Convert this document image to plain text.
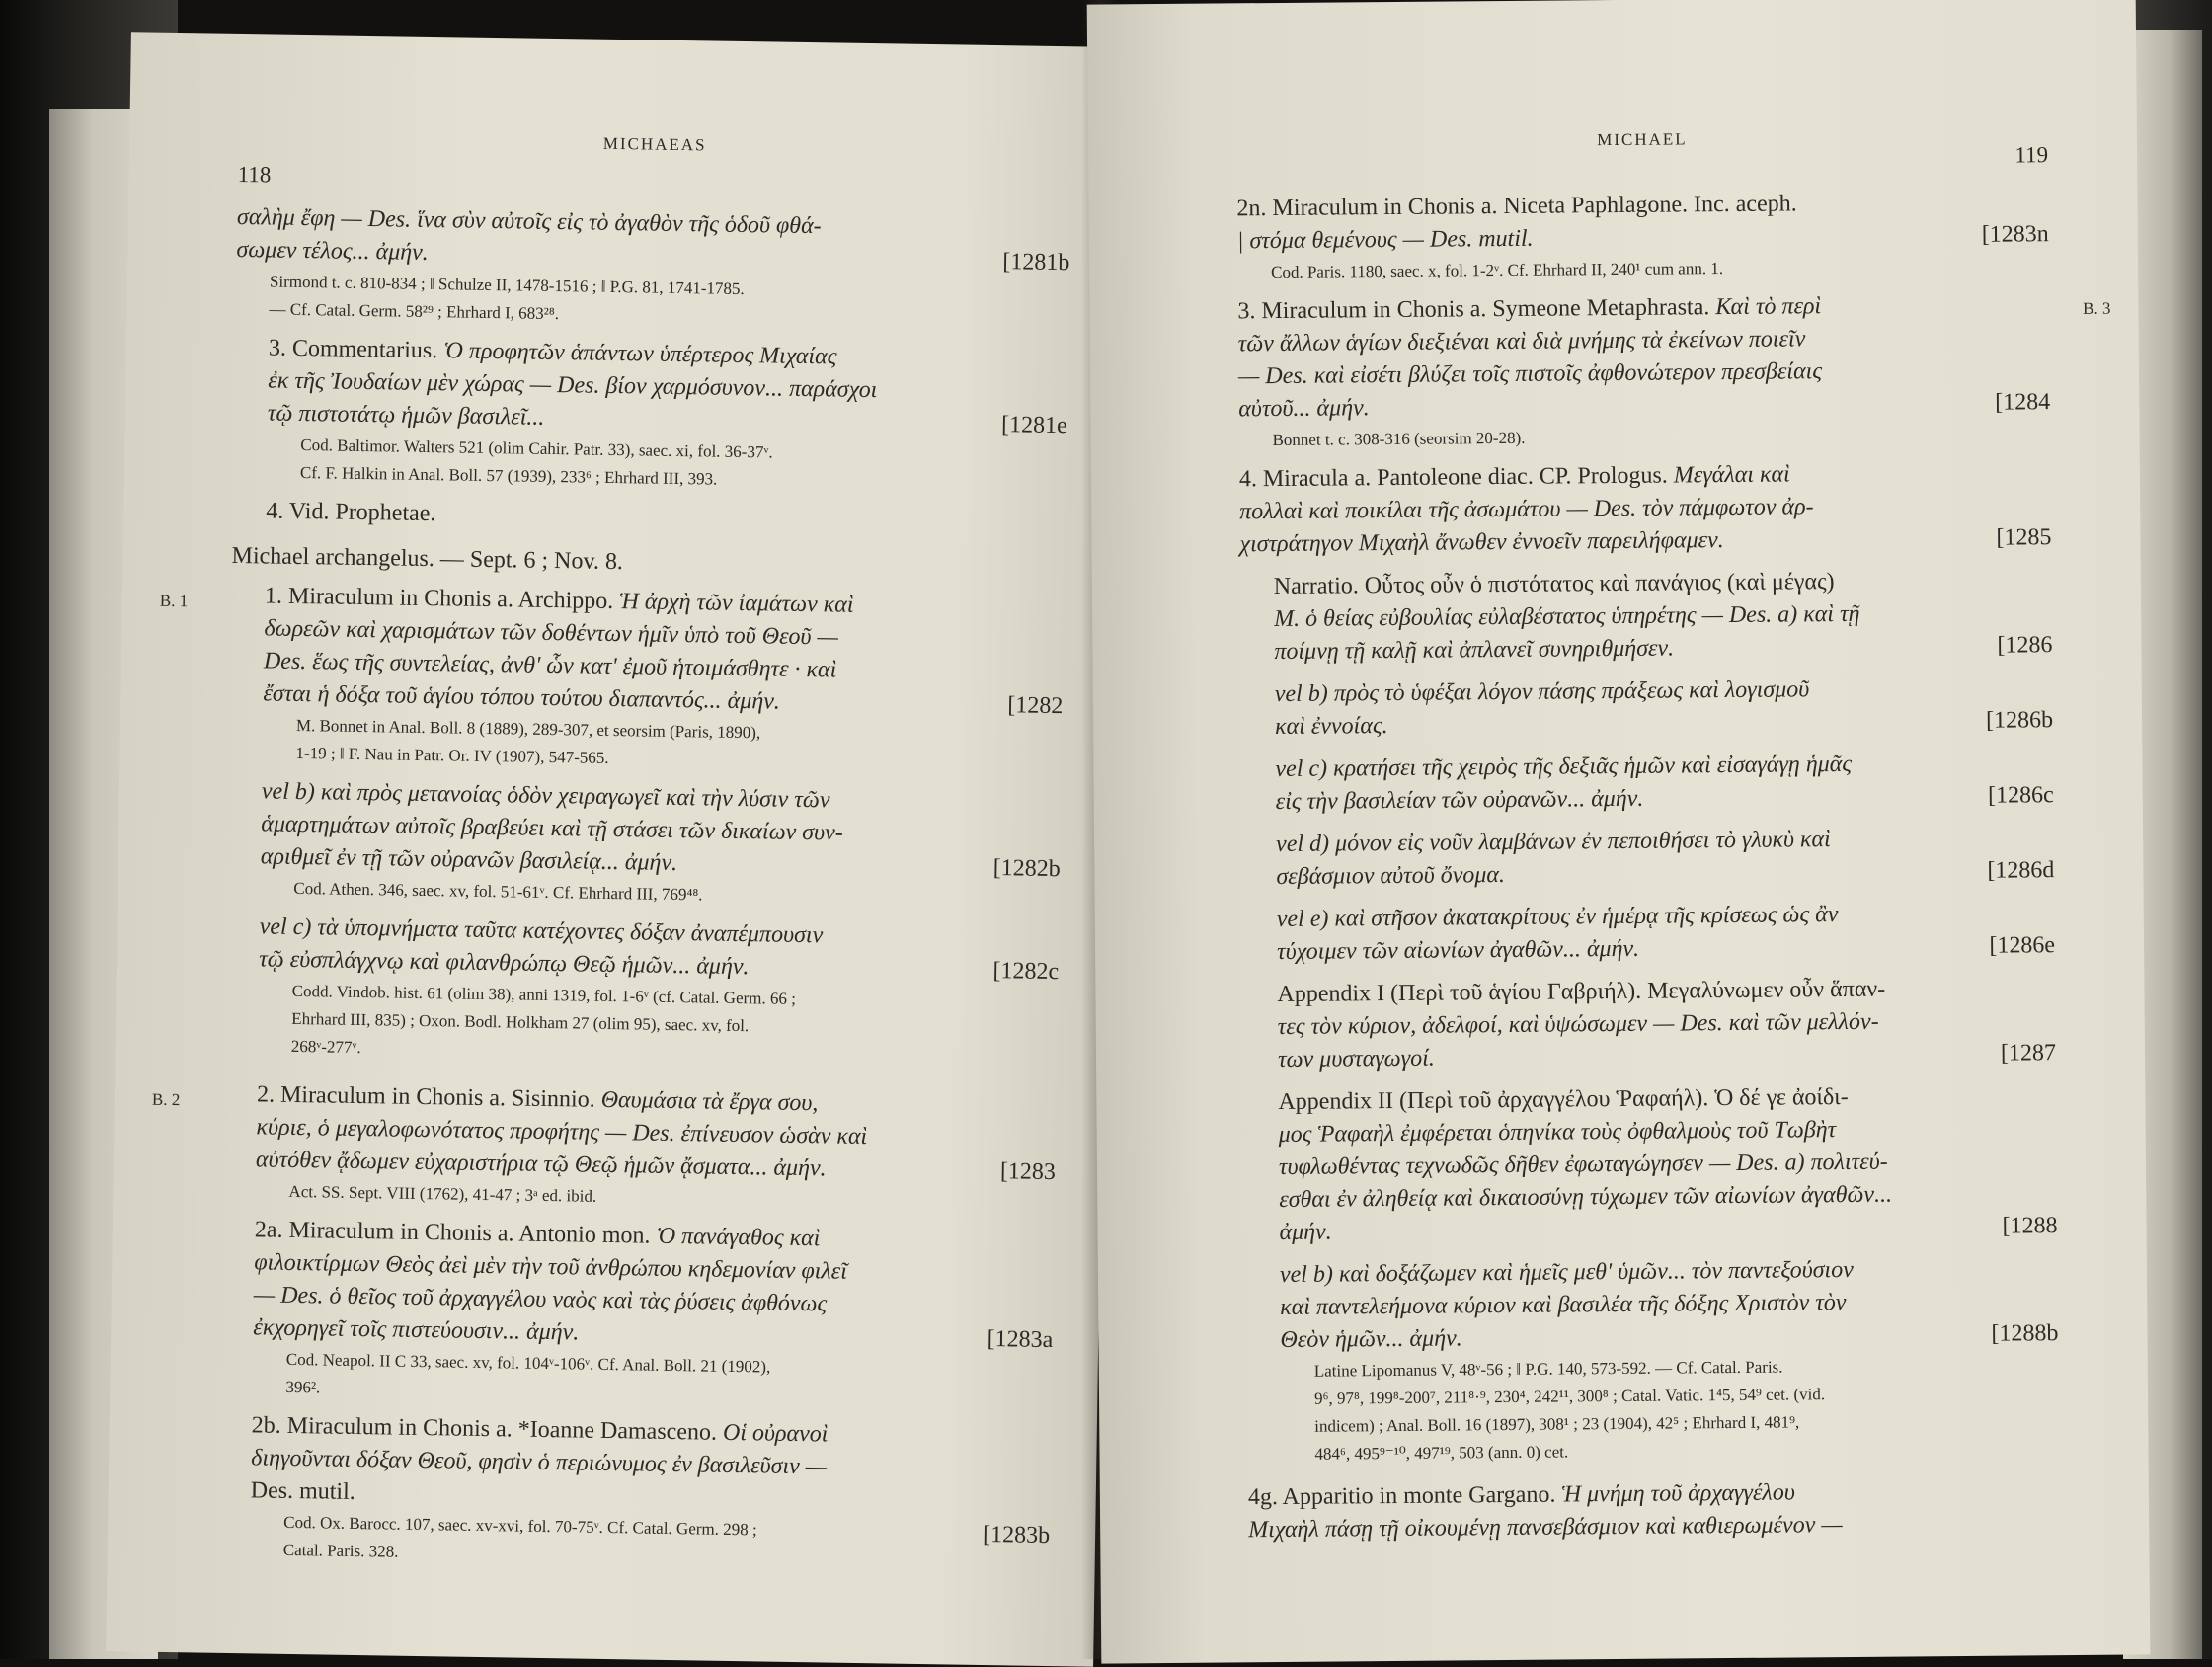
118
MICHAEAS

σαλὴμ ἔφη — Des. ἵνα σὺν αὐτοῖς εἰς τὸ ἀγαθὸν τῆς ὁδοῦ φθά-

[1281b
σωμεν τέλος... ἀμήν.
Sirmond t. c. 810-834 ; ‖ Schulze II, 1478-1516 ; ‖ P.G. 81, 1741-1785.
— Cf. Catal. Germ. 58²⁹ ; Ehrhard I, 683²⁸.

3. Commentarius. Ὁ προφητῶν ἁπάντων ὑπέρτερος Μιχαίας
ἐκ τῆς Ἰουδαίων μὲν χώρας — Des. βίον χαρμόσυνον... παράσχοι

[1281e
τῷ πιστοτάτῳ ἡμῶν βασιλεῖ...
Cod. Baltimor. Walters 521 (olim Cahir. Patr. 33), saec. xi, fol. 36-37ᵛ.
Cf. F. Halkin in Anal. Boll. 57 (1939), 233⁶ ; Ehrhard III, 393.

4. Vid. Prophetae.

Michael archangelus. — Sept. 6 ; Nov. 8.

B. 1	1. Miraculum in Chonis a. Archippo. Ἡ ἀρχὴ τῶν ἰαμάτων καὶ
δωρεῶν καὶ χαρισμάτων τῶν δοθέντων ἡμῖν ὑπὸ τοῦ Θεοῦ —
Des. ἕως τῆς συντελείας, ἀνθ' ὧν κατ' ἐμοῦ ἡτοιμάσθητε · καὶ

[1282
ἔσται ἡ δόξα τοῦ ἁγίου τόπου τούτου διαπαντός... ἀμήν.
M. Bonnet in Anal. Boll. 8 (1889), 289-307, et seorsim (Paris, 1890),
1-19 ; ‖ F. Nau in Patr. Or. IV (1907), 547-565.

vel b) καὶ πρὸς μετανοίας ὁδὸν χειραγωγεῖ καὶ τὴν λύσιν τῶν
ἁμαρτημάτων αὐτοῖς βραβεύει καὶ τῇ στάσει τῶν δικαίων συν-

[1282b
αριθμεῖ ἐν τῇ τῶν οὐρανῶν βασιλείᾳ... ἀμήν.
Cod. Athen. 346, saec. xv, fol. 51-61ᵛ. Cf. Ehrhard III, 769⁴⁸.

vel c) τὰ ὑπομνήματα ταῦτα κατέχοντες δόξαν ἀναπέμπουσιν

[1282c
τῷ εὐσπλάγχνῳ καὶ φιλανθρώπῳ Θεῷ ἡμῶν... ἀμήν.
Codd. Vindob. hist. 61 (olim 38), anni 1319, fol. 1-6ᵛ (cf. Catal. Germ. 66 ;
Ehrhard III, 835) ; Oxon. Bodl. Holkham 27 (olim 95), saec. xv, fol.
268ᵛ-277ᵛ.

B. 2	2. Miraculum in Chonis a. Sisinnio. Θαυμάσια τὰ ἔργα σου,
κύριε, ὁ μεγαλοφωνότατος προφήτης — Des. ἐπίνευσον ὡσὰν καὶ

[1283
αὐτόθεν ᾄδωμεν εὐχαριστήρια τῷ Θεῷ ἡμῶν ᾄσματα... ἀμήν.
Act. SS. Sept. VIII (1762), 41-47 ; 3ᵃ ed. ibid.

2a. Miraculum in Chonis a. Antonio mon. Ὁ πανάγαθος καὶ
φιλοικτίρμων Θεὸς ἀεὶ μὲν τὴν τοῦ ἀνθρώπου κηδεμονίαν φιλεῖ
— Des. ὁ θεῖος τοῦ ἀρχαγγέλου ναὸς καὶ τὰς ῥύσεις ἀφθόνως

[1283a
ἐκχορηγεῖ τοῖς πιστεύουσιν... ἀμήν.
Cod. Neapol. II C 33, saec. xv, fol. 104ᵛ-106ᵛ. Cf. Anal. Boll. 21 (1902),
396².

2b. Miraculum in Chonis a. *Ioanne Damasceno. Οἱ οὐρανοὶ
διηγοῦνται δόξαν Θεοῦ, φησὶν ὁ περιώνυμος ἐν βασιλεῦσιν —
Des. mutil.

[1283b
Cod. Ox. Barocc. 107, saec. xv-xvi, fol. 70-75ᵛ. Cf. Catal. Germ. 298 ;
Catal. Paris. 328.

MICHAEL
119

2n. Miraculum in Chonis a. Niceta Paphlagone. Inc. aceph.

[1283n
| στόμα θεμένους — Des. mutil.
Cod. Paris. 1180, saec. x, fol. 1-2ᵛ. Cf. Ehrhard II, 240¹ cum ann. 1.

B. 3
3. Miraculum in Chonis a. Symeone Metaphrasta. Καὶ τὸ περὶ
τῶν ἄλλων ἁγίων διεξιέναι καὶ διὰ μνήμης τὰ ἐκείνων ποιεῖν
— Des. καὶ εἰσέτι βλύζει τοῖς πιστοῖς ἀφθονώτερον πρεσβείαις

[1284
αὐτοῦ... ἀμήν.
Bonnet t. c. 308-316 (seorsim 20-28).

4. Miracula a. Pantoleone diac. CP. Prologus. Μεγάλαι καὶ
πολλαὶ καὶ ποικίλαι τῆς ἀσωμάτου — Des. τὸν πάμφωτον ἀρ-

[1285
χιστράτηγον Μιχαὴλ ἄνωθεν ἐννοεῖν παρειλήφαμεν.

Narratio. Οὗτος οὖν ὁ πιστότατος καὶ πανάγιος (καὶ μέγας)
Μ. ὁ θείας εὐβουλίας εὐλαβέστατος ὑπηρέτης — Des. a) καὶ τῇ

[1286
ποίμνῃ τῇ καλῇ καὶ ἀπλανεῖ συνηριθμήσεν.

vel b) πρὸς τὸ ὑφέξαι λόγον πάσης πράξεως καὶ λογισμοῦ

[1286b
καὶ ἐννοίας.

vel c) κρατήσει τῆς χειρὸς τῆς δεξιᾶς ἡμῶν καὶ εἰσαγάγῃ ἡμᾶς

[1286c
εἰς τὴν βασιλείαν τῶν οὐρανῶν... ἀμήν.

vel d) μόνον εἰς νοῦν λαμβάνων ἐν πεποιθήσει τὸ γλυκὺ καὶ

[1286d
σεβάσμιον αὐτοῦ ὄνομα.

vel e) καὶ στῆσον ἀκατακρίτους ἐν ἡμέρᾳ τῆς κρίσεως ὡς ἂν

[1286e
τύχοιμεν τῶν αἰωνίων ἀγαθῶν... ἀμήν.

Appendix I (Περὶ τοῦ ἁγίου Γαβριήλ). Μεγαλύνωμεν οὖν ἅπαν-
τες τὸν κύριον, ἀδελφοί, καὶ ὑψώσωμεν — Des. καὶ τῶν μελλόν-

[1287
των μυσταγωγοί.

Appendix II (Περὶ τοῦ ἀρχαγγέλου Ῥαφαήλ). Ὁ δέ γε ἀοίδι-
μος Ῥαφαὴλ ἐμφέρεται ὁπηνίκα τοὺς ὀφθαλμοὺς τοῦ Τωβὴτ
τυφλωθέντας τεχνωδῶς δῆθεν ἐφωταγώγησεν — Des. a) πολιτεύ-
εσθαι ἐν ἀληθείᾳ καὶ δικαιοσύνῃ τύχωμεν τῶν αἰωνίων ἀγαθῶν...

[1288
ἀμήν.

vel b) καὶ δοξάζωμεν καὶ ἡμεῖς μεθ' ὑμῶν... τὸν παντεξούσιον
καὶ παντελεήμονα κύριον καὶ βασιλέα τῆς δόξης Χριστὸν τὸν

[1288b
Θεὸν ἡμῶν... ἀμήν.
Latine Lipomanus V, 48ᵛ-56 ; ‖ P.G. 140, 573-592. — Cf. Catal. Paris.
9⁶, 97⁸, 199⁸-200⁷, 211⁸·⁹, 230⁴, 242¹¹, 300⁸ ; Catal. Vatic. 1⁴5, 54⁹ cet. (vid.
indicem) ; Anal. Boll. 16 (1897), 308¹ ; 23 (1904), 42⁵ ; Ehrhard I, 481⁹,
484⁶, 495⁹⁻¹⁰, 497¹⁹, 503 (ann. 0) cet.

4g. Apparitio in monte Gargano. Ἡ μνήμη τοῦ ἀρχαγγέλου
Μιχαὴλ πάσῃ τῇ οἰκουμένῃ πανσεβάσμιον καὶ καθιερωμένον —
